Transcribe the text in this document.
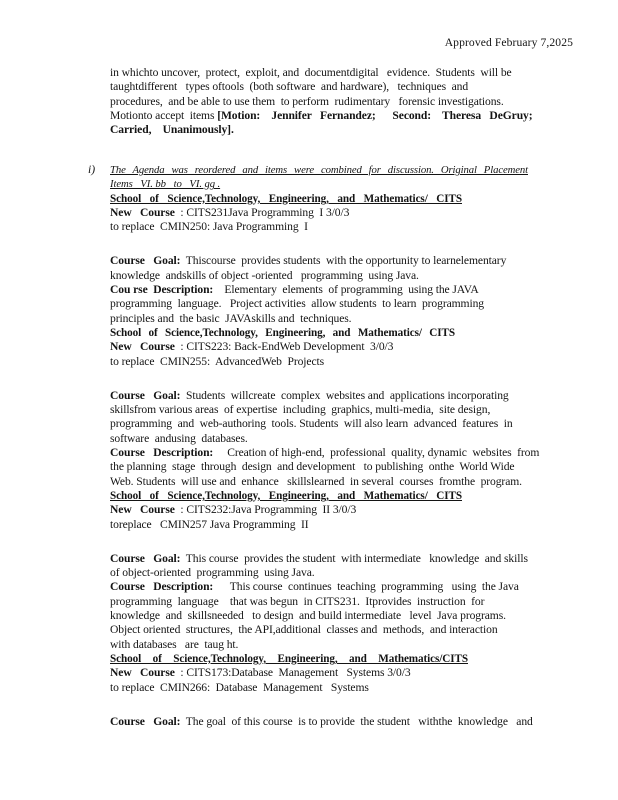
Approved February 7,2025
in whichto uncover,  protect,  exploit, and  documentdigital   evidence.  Students  will be
taughtdifferent   types oftools  (both software  and hardware),   techniques  and
procedures,  and be able to use them  to perform  rudimentary   forensic investigations.
Motionto accept  items [Motion:    Jennifer   Fernandez;      Second:    Theresa   DeGruy;
Carried,    Unanimously].
i) The Agenda was reordered and items were combined for discussion. Original Placement
Items   VI. bb   to   VI. gg .
School of Science,Technology, Engineering, and Mathematics/ CITS
New   Course  : CITS231Java Programming  I 3/0/3
to replace  CMIN250: Java Programming  I
Course   Goal:  Thiscourse  provides students  with the opportunity to learnelementary
knowledge  andskills of object -oriented   programming  using Java.
Cou rse  Description:    Elementary  elements  of programming  using the JAVA
programming  language.   Project activities  allow students  to learn  programming
principles and  the basic  JAVAskills and  techniques.
School of Science,Technology, Engineering, and Mathematics/ CITS
New   Course  : CITS223: Back-EndWeb Development  3/0/3
to replace  CMIN255:  AdvancedWeb  Projects
Course   Goal:  Students  willcreate  complex  websites and  applications incorporating
skillsfrom various areas  of expertise  including  graphics, multi-media,  site design,
programming  and  web-authoring  tools. Students  will also learn  advanced  features  in
software  andusing  databases.
Course   Description:     Creation of high-end,  professional  quality, dynamic  websites  from
the planning  stage  through  design  and development   to publishing  onthe  World Wide
Web. Students  will use and  enhance   skillslearned  in several  courses  fromthe  program.
School of Science,Technology, Engineering, and Mathematics/ CITS
New   Course  : CITS232:Java Programming  II 3/0/3
toreplace   CMIN257 Java Programming  II
Course   Goal:  This course  provides the student  with intermediate   knowledge  and skills
of object-oriented  programming  using Java.
Course   Description:      This course  continues  teaching  programming   using  the Java
programming  language    that was begun  in CITS231.  Itprovides  instruction  for
knowledge  and  skillsneeded   to design  and build intermediate   level  Java programs.
Object oriented  structures,  the API,additional  classes and  methods,  and interaction
with databases   are  taug ht.
School of Science,Technology, Engineering, and Mathematics/CITS
New   Course  : CITS173:Database  Management   Systems 3/0/3
to replace  CMIN266:  Database  Management   Systems
Course   Goal:  The goal  of this course  is to provide  the student   withthe  knowledge   and
